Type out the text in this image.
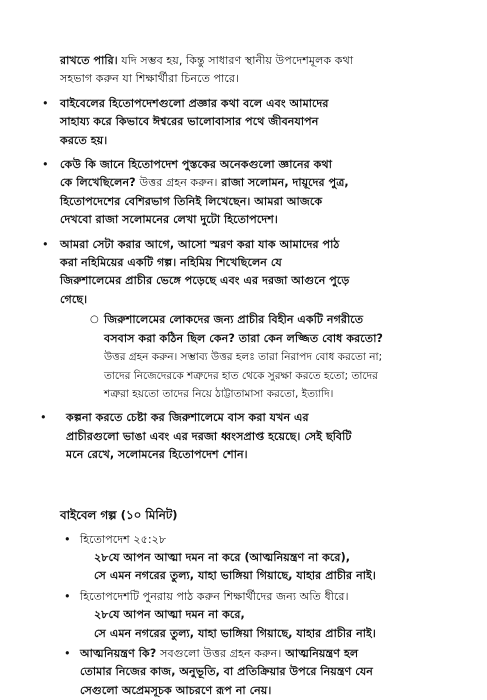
রাখতে পারি। যদি সম্ভব হয়, কিন্তু সাধারণ স্থানীয় উপদেশমূলক কথা
সহভাগ করুন যা শিক্ষার্থীরা চিনতে পারে।
• বাইবেলের হিতোপদেশগুলো প্রজ্ঞার কথা বলে এবং আমাদের
সাহায্য করে কিভাবে ঈশ্বরের ভালোবাসার পথে জীবনযাপন
করতে হয়।
• কেউ কি জানে হিতোপদেশ পুস্তকের অনেকগুলো জ্ঞানের কথা
কে লিখেছিলেন? উত্তর গ্রহন করুন। রাজা সলোমন, দায়ূদের পুত্র,
হিতোপদেশের বেশিরভাগ তিনিই লিখেছেন। আমরা আজকে
দেখবো রাজা সলোমনের লেখা দুটো হিতোপদেশ।
• আমরা সেটা করার আগে, আসো স্মরণ করা যাক আমাদের পাঠ
করা নহিমিয়ের একটি গল্প। নহিমিয় শিখেছিলেন যে
জিরুশালেমের প্রাচীর ভেঙ্গে পড়েছে এবং এর দরজা আগুনে পুড়ে
গেছে।
○ জিরুশালেমের লোকদের জন্য প্রাচীর বিহীন একটি নগরীতে
বসবাস করা কঠিন ছিল কেন? তারা কেন লজ্জিত বোধ করতো?
উত্তর গ্রহন করুন। সম্ভাব্য উত্তর হলঃ তারা নিরাপদ বোধ করতো না;
তাদের নিজেদেরকে শত্রুদের হাত থেকে সুরক্ষা করতে হতো; তাদের
শত্রুরা হয়তো তাদের নিয়ে ঠাট্টাতামাসা করতো, ইত্যাদি।
• কল্পনা করতে চেষ্টা কর জিরুশালেমে বাস করা যখন এর
প্রাচীরগুলো ভাঙা এবং এর দরজা ধ্বংসপ্রাপ্ত হয়েছে। সেই ছবিটি
মনে রেখে, সলোমনের হিতোপদেশ শোন।
বাইবেল গল্প (১০ মিনিট)
• হিতোপদেশ ২৫:২৮
২৮যে আপন আত্মা দমন না করে (আত্মনিয়ন্ত্রণ না করে),
সে এমন নগরের তুল্য, যাহা ভাঙ্গিয়া গিয়াছে, যাহার প্রাচীর নাই।
• হিতোপদেশটি পুনরায় পাঠ করুন শিক্ষার্থীদের জন্য অতি ধীরে।
২৮যে আপন আত্মা দমন না করে,
সে এমন নগরের তুল্য, যাহা ভাঙ্গিয়া গিয়াছে, যাহার প্রাচীর নাই।
• আত্মনিয়ন্ত্রণ কি? সবগুলো উত্তর গ্রহন করুন। আত্মনিয়ন্ত্রণ হল
তোমার নিজের কাজ, অনুভূতি, বা প্রতিক্রিয়ার উপরে নিয়ন্ত্রণ যেন
সেগুলো অপ্রেমসূচক আচরণে রূপ না নেয়।
